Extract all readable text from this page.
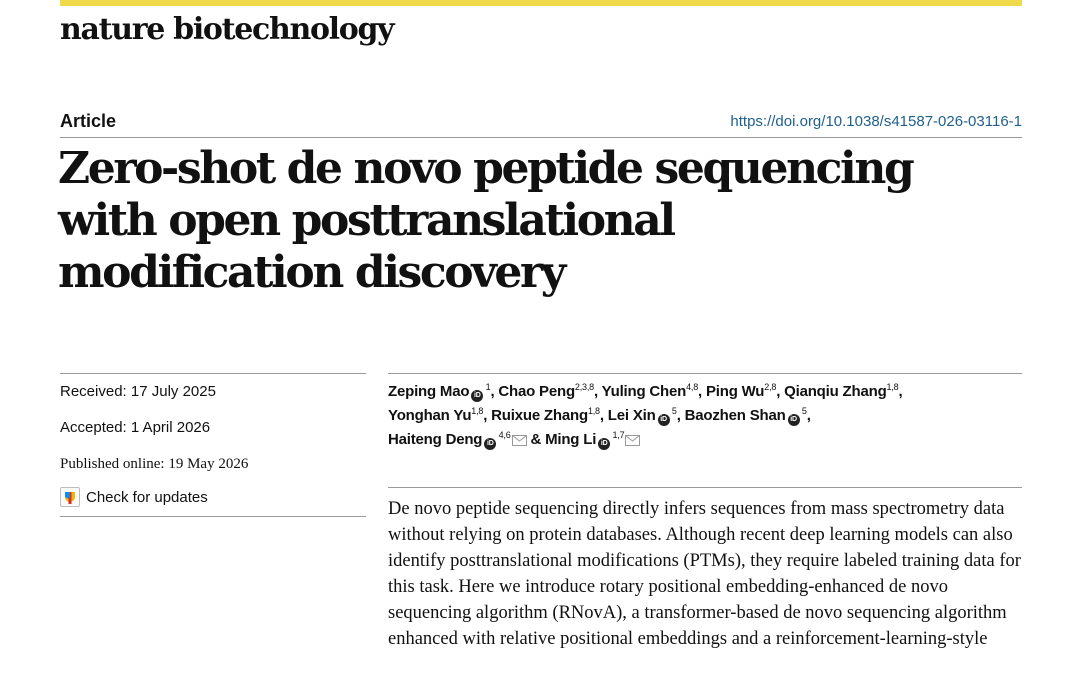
nature biotechnology
Article	https://doi.org/10.1038/s41587-026-03116-1
Zero-shot de novo peptide sequencing
with open posttranslational
modification discovery
Received: 17 July 2025
Accepted: 1 April 2026
Published online: 19 May 2026
Check for updates
Zeping Mao iD $^1$, Chao Peng$^{2,3,8}$, Yuling Chen$^{4,8}$, Ping Wu$^{2,8}$, Qianqiu Zhang$^{1,8}$,
Yonghan Yu$^{1,8}$, Ruixue Zhang$^{1,8}$, Lei Xin iD $^5$, Baozhen Shan iD $^5$,
Haiteng Deng iD $^{4,6}$ & Ming Li iD $^{1,7}$

De novo peptide sequencing directly infers sequences from mass spectrometry data without relying on protein databases. Although recent deep learning models can also identify posttranslational modifications (PTMs), they require labeled training data for this task. Here we introduce rotary positional embedding-enhanced de novo sequencing algorithm (RNovA), a transformer-based de novo sequencing algorithm enhanced with relative positional embeddings and a reinforcement-learning-style
